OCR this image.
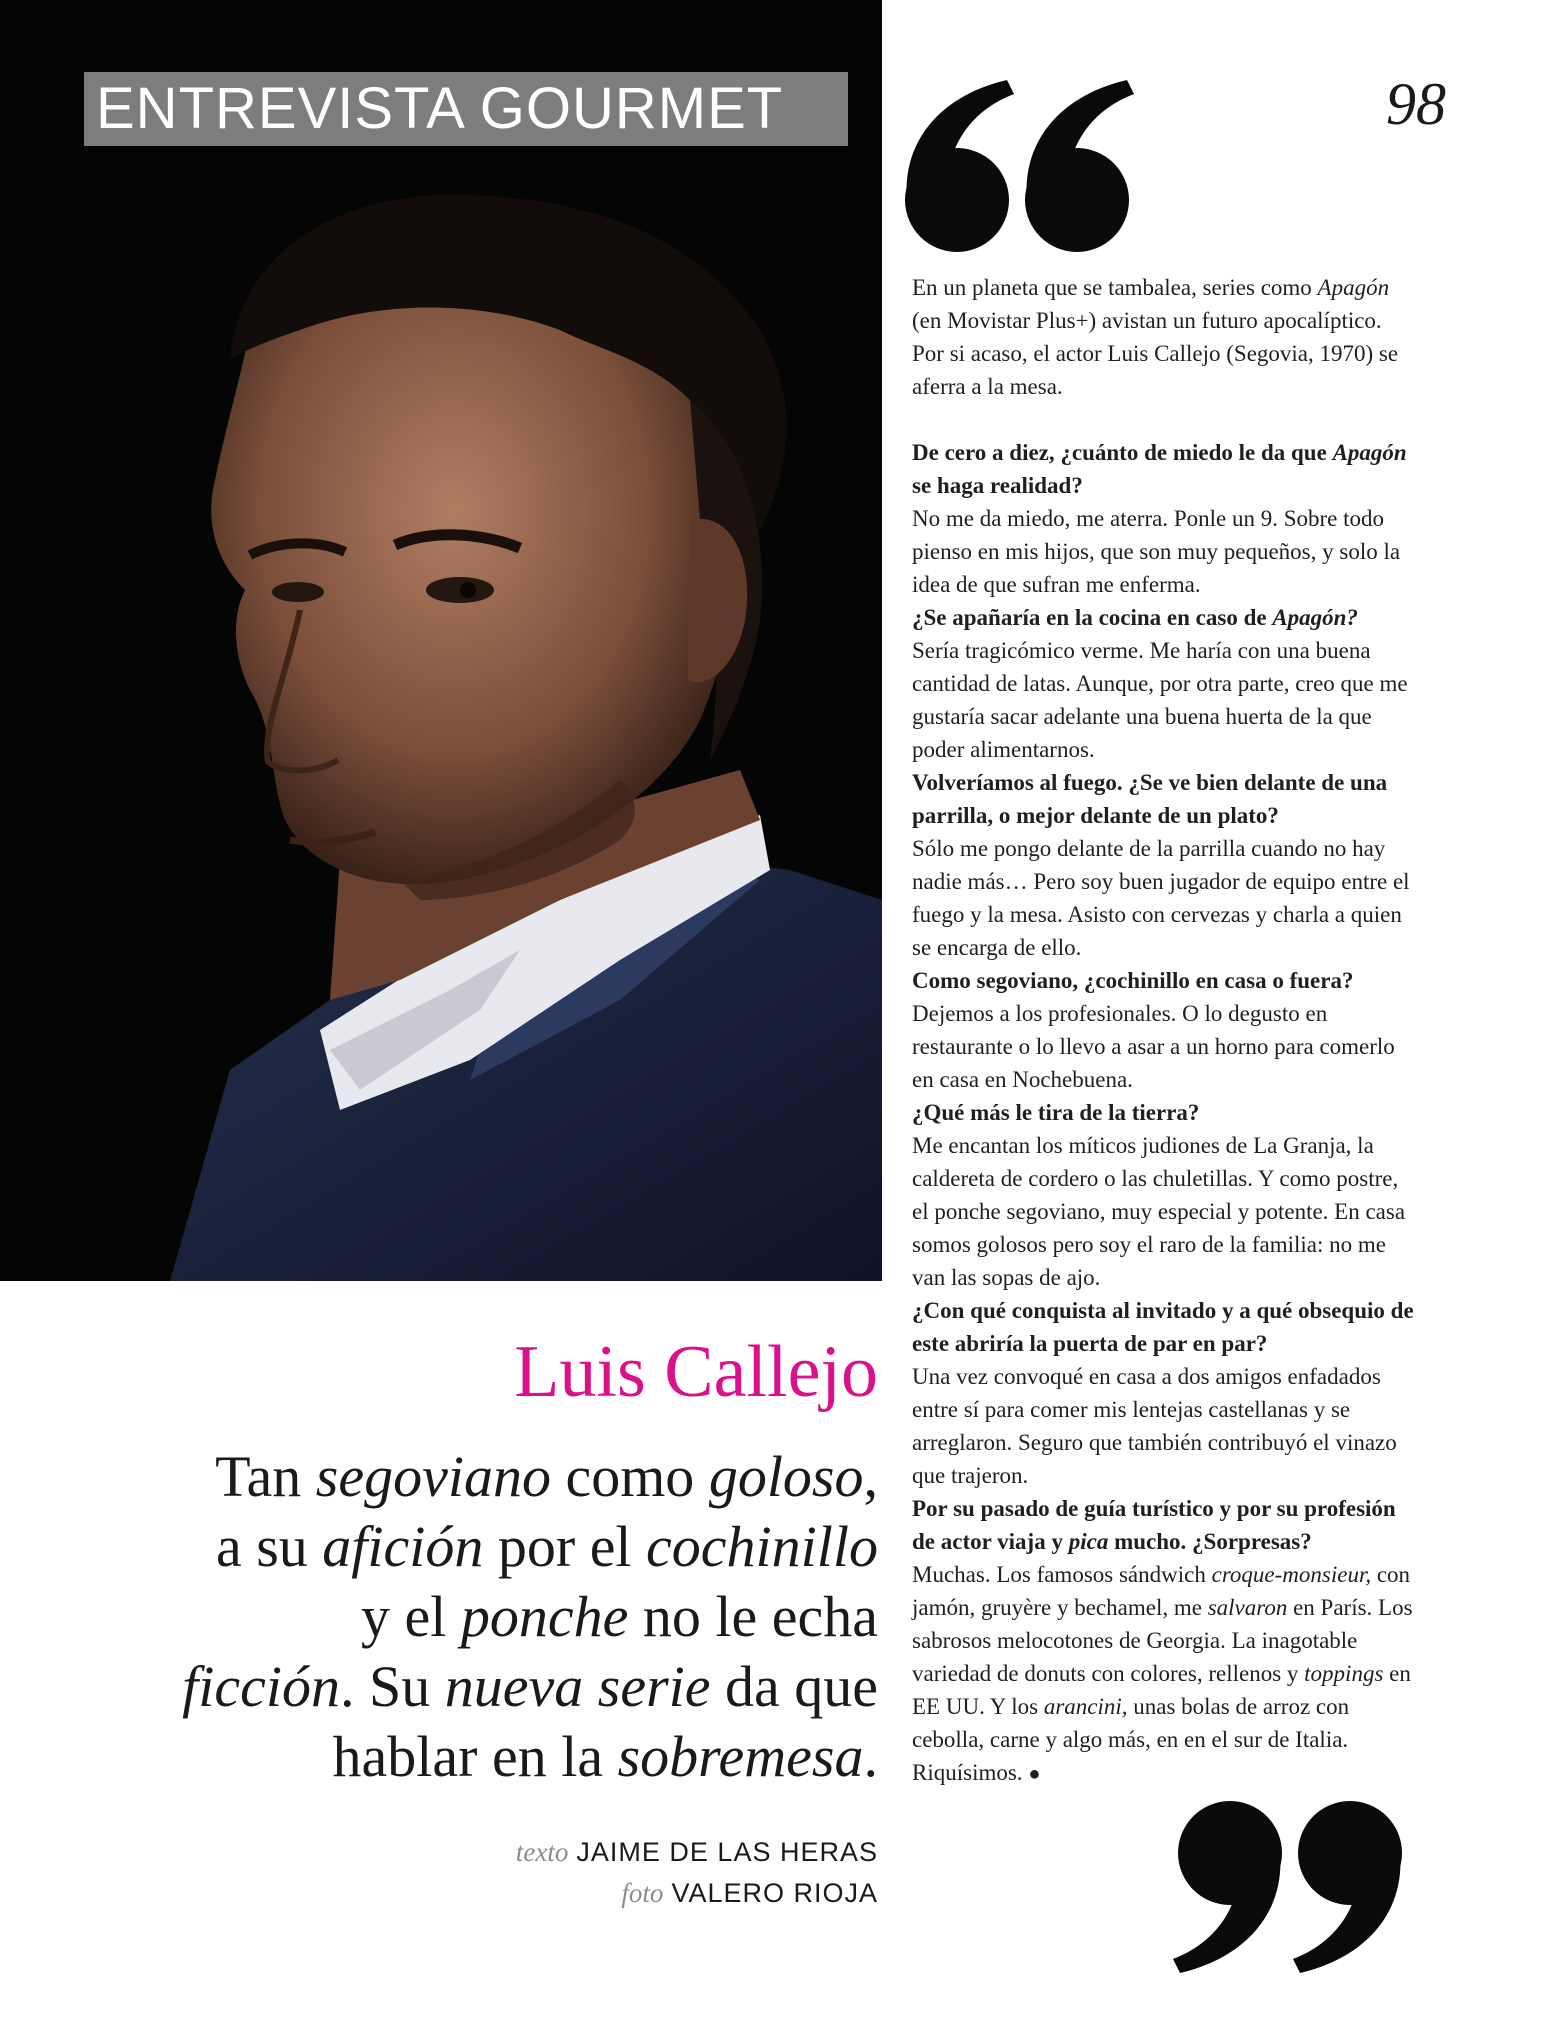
ENTREVISTA GOURMET	98

En un planeta que se tambalea, series como Apagón (en Movistar Plus+) avistan un futuro apocalíptico. Por si acaso, el actor Luis Callejo (Segovia, 1970) se aferra a la mesa.

De cero a diez, ¿cuánto de miedo le da que Apagón se haga realidad?

No me da miedo, me aterra. Ponle un 9. Sobre todo pienso en mis hijos, que son muy pequeños, y solo la idea de que sufran me enferma.

¿Se apañaría en la cocina en caso de Apagón?

Sería tragicómico verme. Me haría con una buena cantidad de latas. Aunque, por otra parte, creo que me gustaría sacar adelante una buena huerta de la que poder alimentarnos.

Volveríamos al fuego. ¿Se ve bien delante de una parrilla, o mejor delante de un plato?

Sólo me pongo delante de la parrilla cuando no hay nadie más… Pero soy buen jugador de equipo entre el fuego y la mesa. Asisto con cervezas y charla a quien se encarga de ello.

Como segoviano, ¿cochinillo en casa o fuera?

Dejemos a los profesionales. O lo degusto en restaurante o lo llevo a asar a un horno para comerlo en casa en Nochebuena.

¿Qué más le tira de la tierra?

Me encantan los míticos judiones de La Granja, la caldereta de cordero o las chuletillas. Y como postre, el ponche segoviano, muy especial y potente. En casa somos golosos pero soy el raro de la familia: no me van las sopas de ajo.

¿Con qué conquista al invitado y a qué obsequio de este abriría la puerta de par en par?

Una vez convoqué en casa a dos amigos enfadados entre sí para comer mis lentejas castellanas y se arreglaron. Seguro que también contribuyó el vinazo que trajeron.

Por su pasado de guía turístico y por su profesión de actor viaja y pica mucho. ¿Sorpresas?

Muchas. Los famosos sándwich croque-monsieur, con jamón, gruyère y bechamel, me salvaron en París. Los sabrosos melocotones de Georgia. La inagotable variedad de donuts con colores, rellenos y toppings en EE UU. Y los arancini, unas bolas de arroz con cebolla, carne y algo más, en en el sur de Italia. Riquísimos. ●

Luis Callejo
Tan segoviano como goloso,
a su afición por el cochinillo
y el ponche no le echa
ficción. Su nueva serie da que
hablar en la sobremesa.
texto JAIME DE LAS HERAS
foto VALERO RIOJA
